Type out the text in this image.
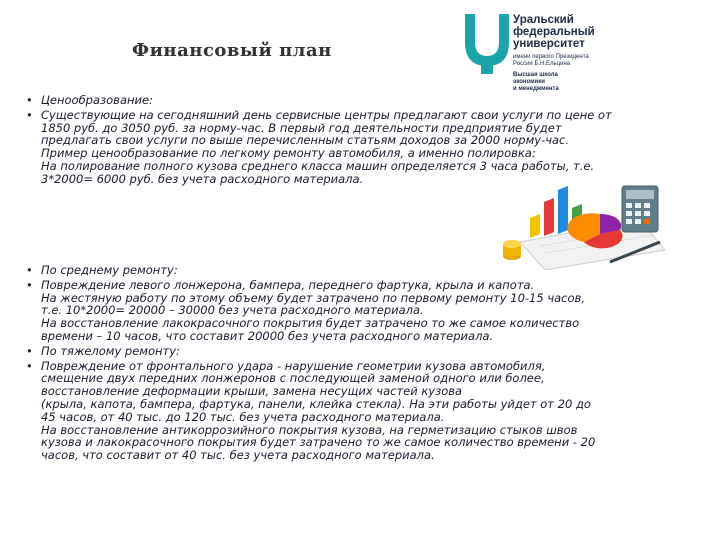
Финансовый план
Уральский
федеральный
университет
имени первого Президента
России Б.Н.Ельцина
Высшая школа
экономики
и менеджмента
• Ценообразование:
• Существующие на сегодняшний день сервисные центры предлагают свои услуги по цене от
1850 руб. до 3050 руб. за норму-час. В первый год деятельности предприятие будет
предлагать свои услуги по выше перечисленным статьям доходов за 2000 норму-час.
Пример ценообразование по легкому ремонту автомобиля, а именно полировка:
На полирование полного кузова среднего класса машин определяется 3 часа работы, т.е.
3*2000= 6000 руб. без учета расходного материала.
• По среднему ремонту:
• Повреждение левого лонжерона, бампера, переднего фартука, крыла и капота.
На жестяную работу по этому объему будет затрачено по первому ремонту 10-15 часов,
т.е. 10*2000= 20000 – 30000 без учета расходного материала.
На восстановление лакокрасочного покрытия будет затрачено то же самое количество
времени – 10 часов, что составит 20000 без учета расходного материала.
• По тяжелому ремонту:
• Повреждение от фронтального удара - нарушение геометрии кузова автомобиля,
смещение двух передних лонжеронов с последующей заменой одного или более,
восстановление деформации крыши, замена несущих частей кузова
(крыла, капота, бампера, фартука, панели, клейка стекла). На эти работы уйдет от 20 до
45 часов, от 40 тыс. до 120 тыс. без учета расходного материала.
На восстановление антикоррозийного покрытия кузова, на герметизацию стыков швов
кузова и лакокрасочного покрытия будет затрачено то же самое количество времени - 20
часов, что составит от 40 тыс. без учета расходного материала.
